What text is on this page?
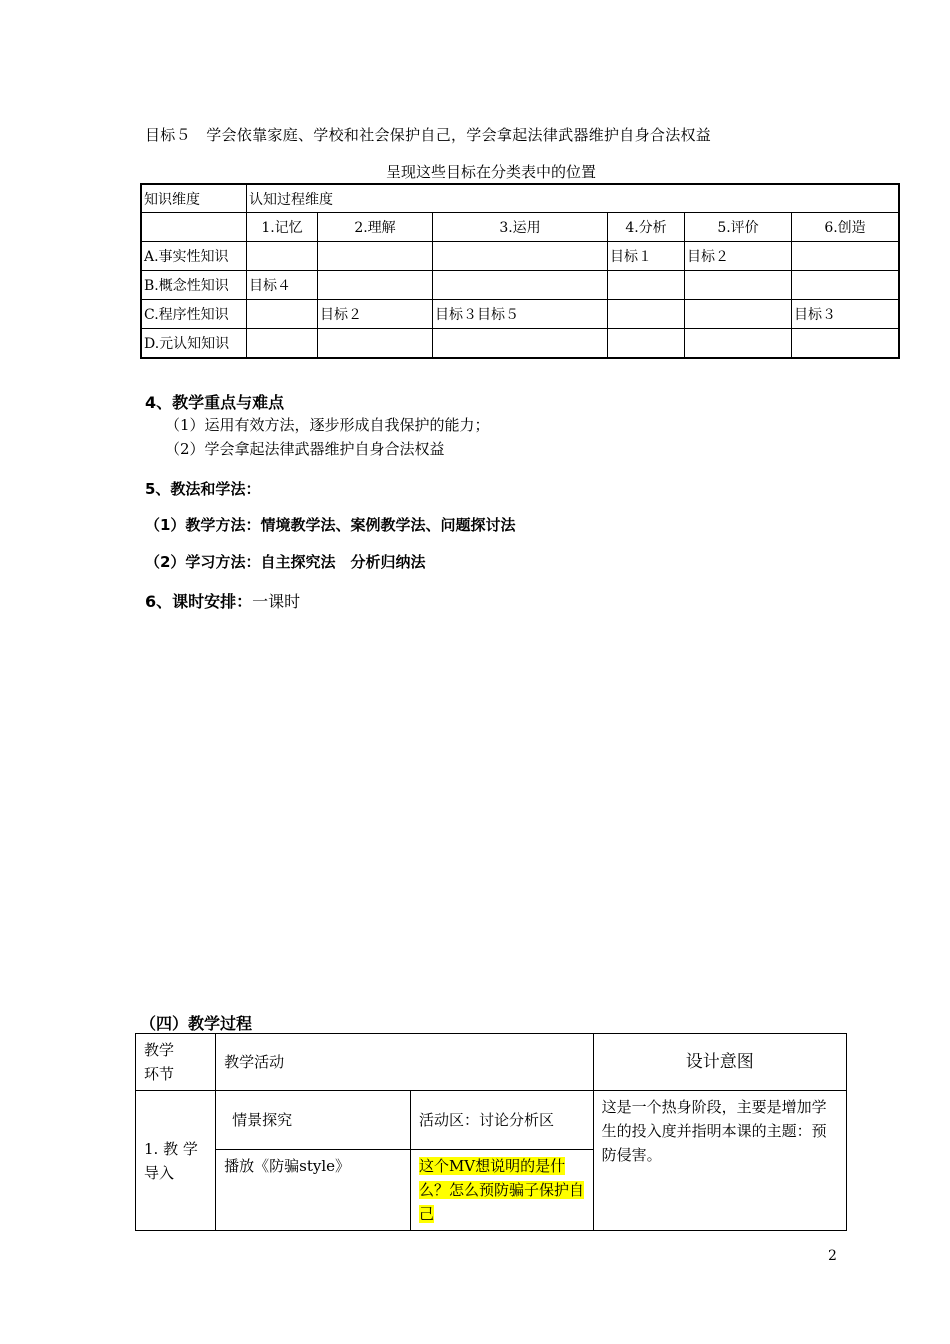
目标５　学会依靠家庭、学校和社会保护自己，学会拿起法律武器维护自身合法权益
呈现这些目标在分类表中的位置
知识维度	认知过程维度					
	1.记忆	2.理解	3.运用	4.分析	5.评价	6.创造
A.事实性知识				目标１	目标２	
B.概念性知识	目标４					
C.程序性知识		目标２	目标３目标５			目标３
D.元认知知识						
4、教学重点与难点
（1）运用有效方法，逐步形成自我保护的能力；
（2）学会拿起法律武器维护自身合法权益
5、教法和学法：
（1）教学方法：情境教学法、案例教学法、问题探讨法
（2）学习方法：自主探究法　分析归纳法
6、课时安排：一课时
（四）教学过程
教学
环节	教学活动		设计意图
1. 教 学
导入	情景探究	活动区：讨论分析区	这是一个热身阶段，主要是增加学生的投入度并指明本课的主题：预防侵害。
	播放《防骗style》	这个MV想说明的是什么？怎么预防骗子保护自己	
2
